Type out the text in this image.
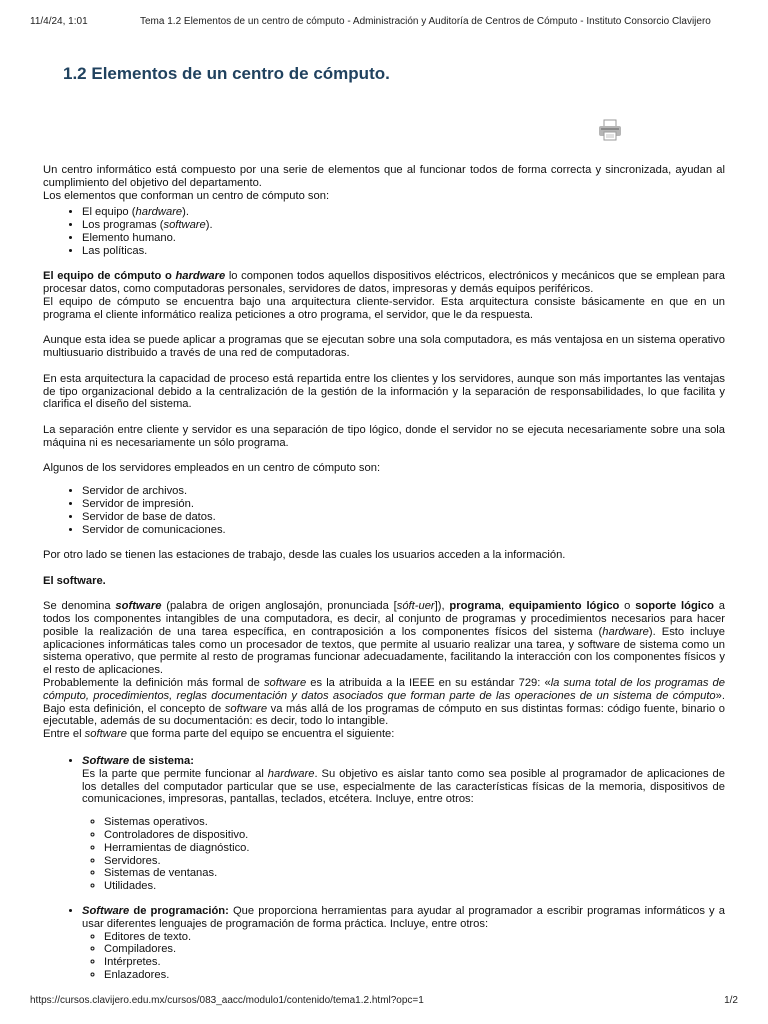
11/4/24, 1:01	Tema 1.2 Elementos de un centro de cómputo - Administración y Auditoría de Centros de Cómputo - Instituto Consorcio Clavijero
1.2 Elementos de un centro de cómputo.

Un centro informático está compuesto por una serie de elementos que al funcionar todos de forma correcta y sincronizada, ayudan al cumplimiento del objetivo del departamento.

Los elementos que conforman un centro de cómputo son:

• El equipo (hardware).
• Los programas (software).
• Elemento humano.
• Las políticas.

El equipo de cómputo o hardware lo componen todos aquellos dispositivos eléctricos, electrónicos y mecánicos que se emplean para procesar datos, como computadoras personales, servidores de datos, impresoras y demás equipos periféricos.

El equipo de cómputo se encuentra bajo una arquitectura cliente-servidor. Esta arquitectura consiste básicamente en que en un programa el cliente informático realiza peticiones a otro programa, el servidor, que le da respuesta.

Aunque esta idea se puede aplicar a programas que se ejecutan sobre una sola computadora, es más ventajosa en un sistema operativo multiusuario distribuido a través de una red de computadoras.

En esta arquitectura la capacidad de proceso está repartida entre los clientes y los servidores, aunque son más importantes las ventajas de tipo organizacional debido a la centralización de la gestión de la información y la separación de responsabilidades, lo que facilita y clarifica el diseño del sistema.

La separación entre cliente y servidor es una separación de tipo lógico, donde el servidor no se ejecuta necesariamente sobre una sola máquina ni es necesariamente un sólo programa.

Algunos de los servidores empleados en un centro de cómputo son:

• Servidor de archivos.
• Servidor de impresión.
• Servidor de base de datos.
• Servidor de comunicaciones.

Por otro lado se tienen las estaciones de trabajo, desde las cuales los usuarios acceden a la información.

El software.

Se denomina software (palabra de origen anglosajón, pronunciada [sóft-uer]), programa, equipamiento lógico o soporte lógico a todos los componentes intangibles de una computadora, es decir, al conjunto de programas y procedimientos necesarios para hacer posible la realización de una tarea específica, en contraposición a los componentes físicos del sistema (hardware). Esto incluye aplicaciones informáticas tales como un procesador de textos, que permite al usuario realizar una tarea, y software de sistema como un sistema operativo, que permite al resto de programas funcionar adecuadamente, facilitando la interacción con los componentes físicos y el resto de aplicaciones.

Probablemente la definición más formal de software es la atribuida a la IEEE en su estándar 729: «la suma total de los programas de cómputo, procedimientos, reglas documentación y datos asociados que forman parte de las operaciones de un sistema de cómputo». Bajo esta definición, el concepto de software va más allá de los programas de cómputo en sus distintas formas: código fuente, binario o ejecutable, además de su documentación: es decir, todo lo intangible.

Entre el software que forma parte del equipo se encuentra el siguiente:

• Software de sistema:

Es la parte que permite funcionar al hardware. Su objetivo es aislar tanto como sea posible al programador de aplicaciones de los detalles del computador particular que se use, especialmente de las características físicas de la memoria, dispositivos de comunicaciones, impresoras, pantallas, teclados, etcétera. Incluye, entre otros:

◦ Sistemas operativos.
◦ Controladores de dispositivo.
◦ Herramientas de diagnóstico.
◦ Servidores.
◦ Sistemas de ventanas.
◦ Utilidades.

• Software de programación: Que proporciona herramientas para ayudar al programador a escribir programas informáticos y a usar diferentes lenguajes de programación de forma práctica. Incluye, entre otros:

◦ Editores de texto.
◦ Compiladores.
◦ Intérpretes.
◦ Enlazadores.
https://cursos.clavijero.edu.mx/cursos/083_aacc/modulo1/contenido/tema1.2.html?opc=1	1/2
